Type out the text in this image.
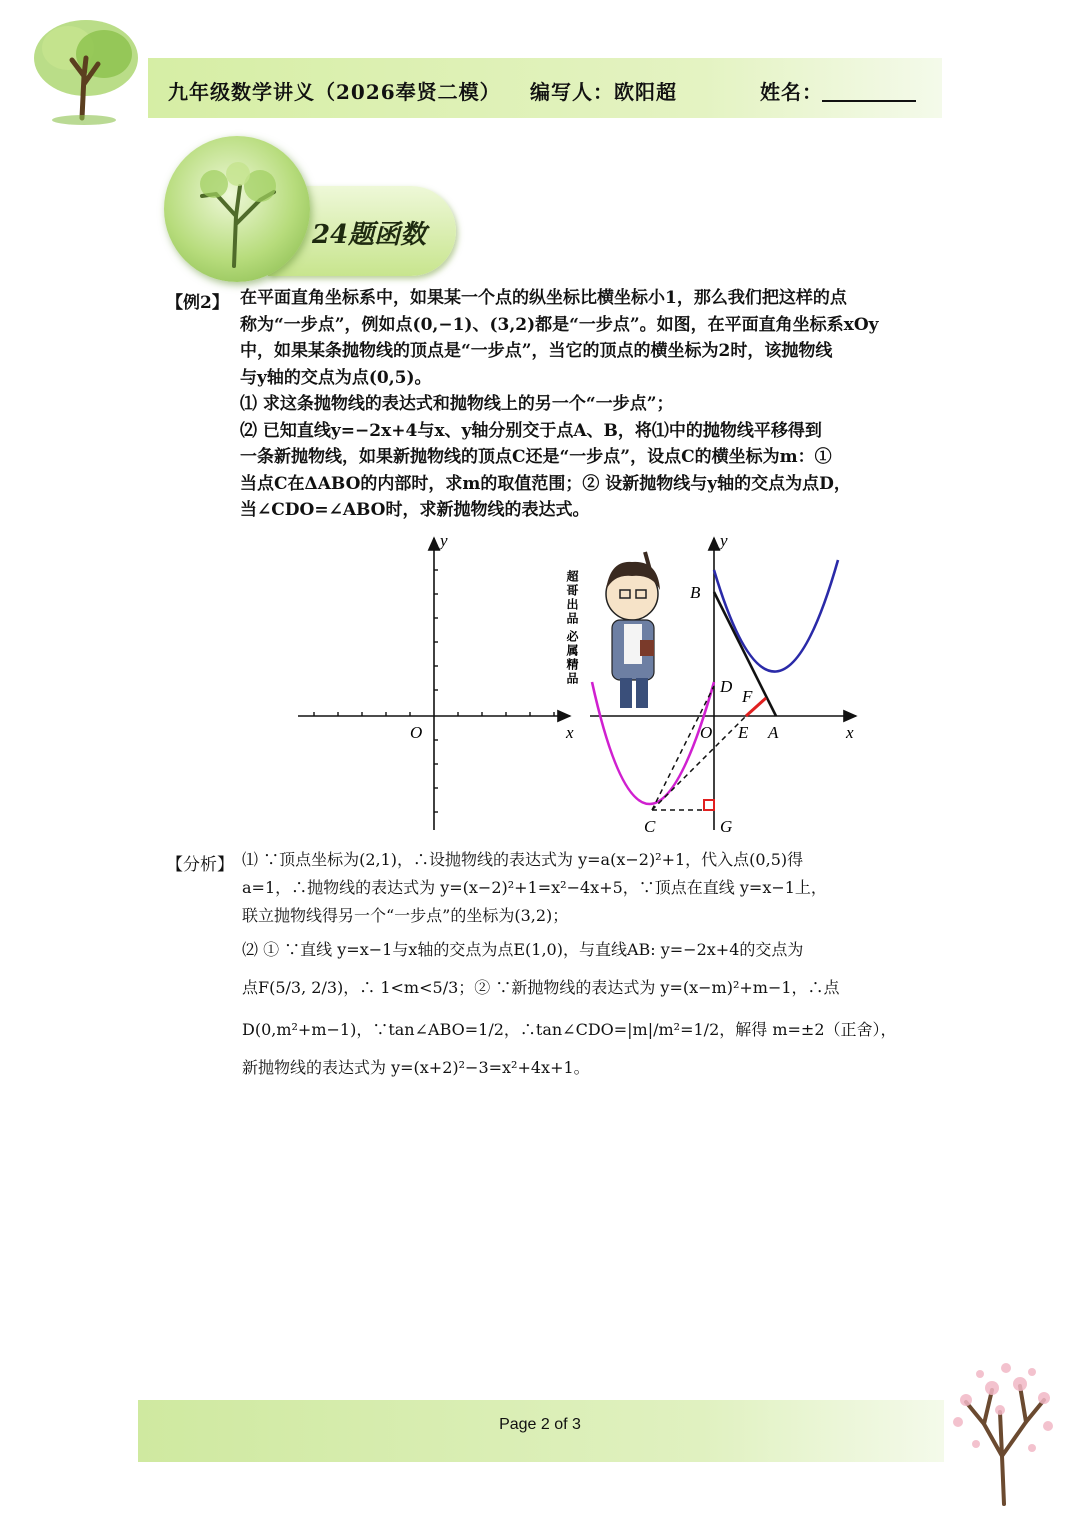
九年级数学讲义（2026奉贤二模） 编写人：欧阳超	姓名：
24题函数
【例2】 在平面直角坐标系中，如果某一个点的纵坐标比横坐标小1，那么我们把这样的点
称为“一步点”，例如点(0,−1)、(3,2)都是“一步点”。如图，在平面直角坐标系xOy
中，如果某条抛物线的顶点是“一步点”，当它的顶点的横坐标为2时，该抛物线
与y轴的交点为点(0,5)。
⑴ 求这条抛物线的表达式和抛物线上的另一个“一步点”；
⑵ 已知直线y=−2x+4与x、y轴分别交于点A、B，将⑴中的抛物线平移得到
一条新抛物线，如果新抛物线的顶点C还是“一步点”，设点C的横坐标为m：①
当点C在ΔABO的内部时，求m的取值范围；② 设新抛物线与y轴的交点为点D，
当∠CDO=∠ABO时，求新抛物线的表达式。
y
x
O
超哥出品
必属精品
y
x
O
B
D
F
E A
C	G
【分析】 ⑴ ∵顶点坐标为(2,1)，∴设抛物线的表达式为 y=a(x−2)²+1，代入点(0,5)得
a=1，∴抛物线的表达式为 y=(x−2)²+1=x²−4x+5，∵顶点在直线 y=x−1上，
联立抛物线得另一个“一步点”的坐标为(3,2)；
⑵ ① ∵直线 y=x−1与x轴的交点为点E(1,0)，与直线AB: y=−2x+4的交点为
点F(5/3, 2/3)，∴ 1<m<5/3；② ∵新抛物线的表达式为 y=(x−m)²+m−1，∴点
D(0,m²+m−1)，∵tan∠ABO=1/2，∴tan∠CDO=|m|/m²=1/2，解得 m=±2（正舍），
新抛物线的表达式为 y=(x+2)²−3=x²+4x+1。
Page 2 of 3
